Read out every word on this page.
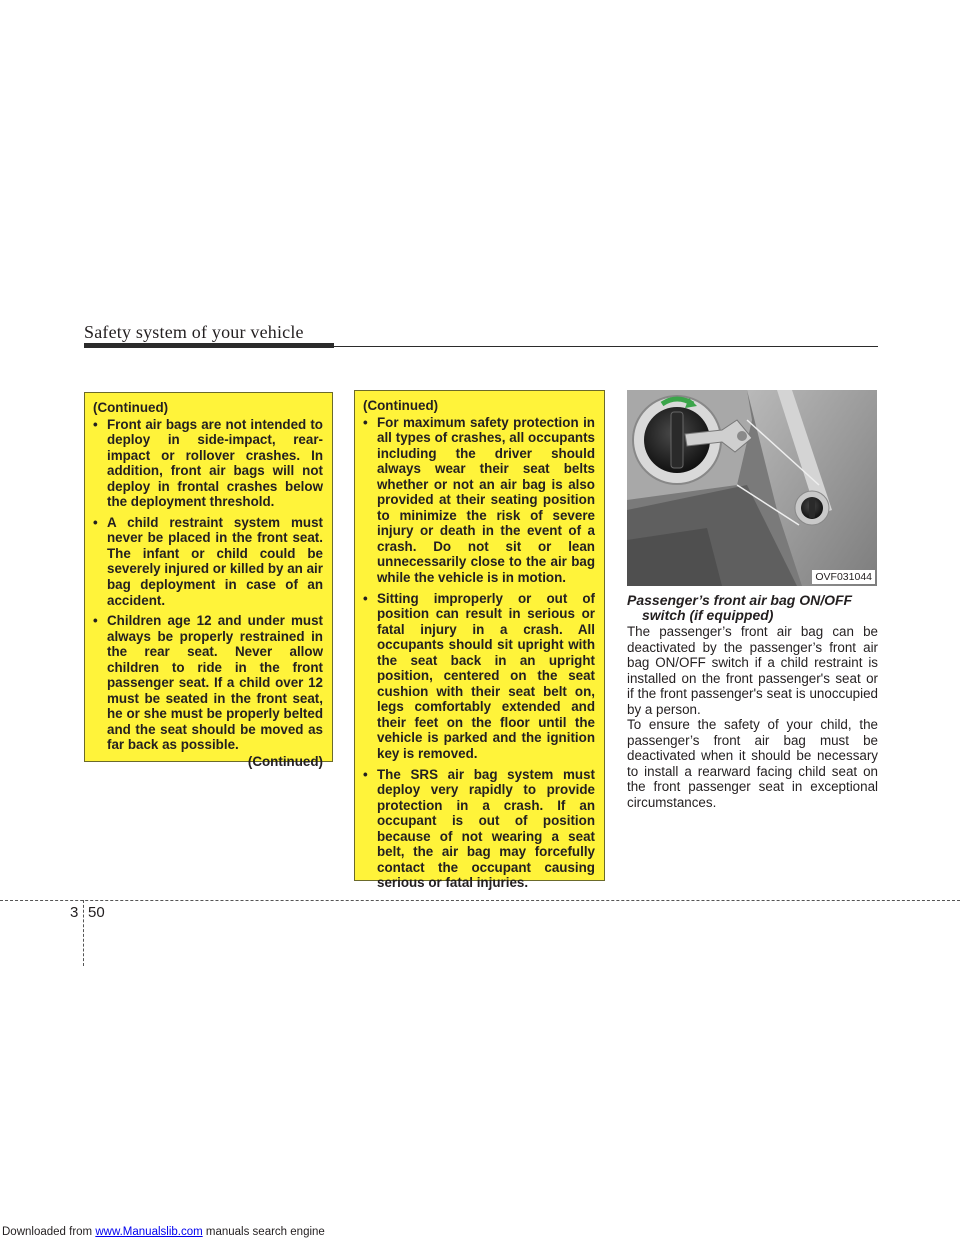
Safety system of your vehicle
(Continued)
• Front air bags are not intended to deploy in side-impact, rear-impact or rollover crashes. In addition, front air bags will not deploy in frontal crashes below the deployment threshold.
• A child restraint system must never be placed in the front seat. The infant or child could be severely injured or killed by an air bag deployment in case of an accident.
• Children age 12 and under must always be properly restrained in the rear seat. Never allow children to ride in the front passenger seat. If a child over 12 must be seated in the front seat, he or she must be properly belted and the seat should be moved as far back as possible.
(Continued)
(Continued)
• For maximum safety protection in all types of crashes, all occupants including the driver should always wear their seat belts whether or not an air bag is also provided at their seating position to minimize the risk of severe injury or death in the event of a crash. Do not sit or lean unnecessarily close to the air bag while the vehicle is in motion.
• Sitting improperly or out of position can result in serious or fatal injury in a crash. All occupants should sit upright with the seat back in an upright position, centered on the seat cushion with their seat belt on, legs comfortably extended and their feet on the floor until the vehicle is parked and the ignition key is removed.
• The SRS air bag system must deploy very rapidly to provide protection in a crash. If an occupant is out of position because of not wearing a seat belt, the air bag may forcefully contact the occupant causing serious or fatal injuries.
OVF031044
Passenger’s front air bag ON/OFF
switch (if equipped)

The passenger’s front air bag can be deactivated by the passenger’s front air bag ON/OFF switch if a child restraint is installed on the front passenger's seat or if the front passenger's seat is unoccupied by a person.

To ensure the safety of your child, the passenger’s front air bag must be deactivated when it should be necessary to install a rearward facing child seat on the front passenger seat in exceptional circumstances.

3 50
Downloaded from www.Manualslib.com manuals search engine
